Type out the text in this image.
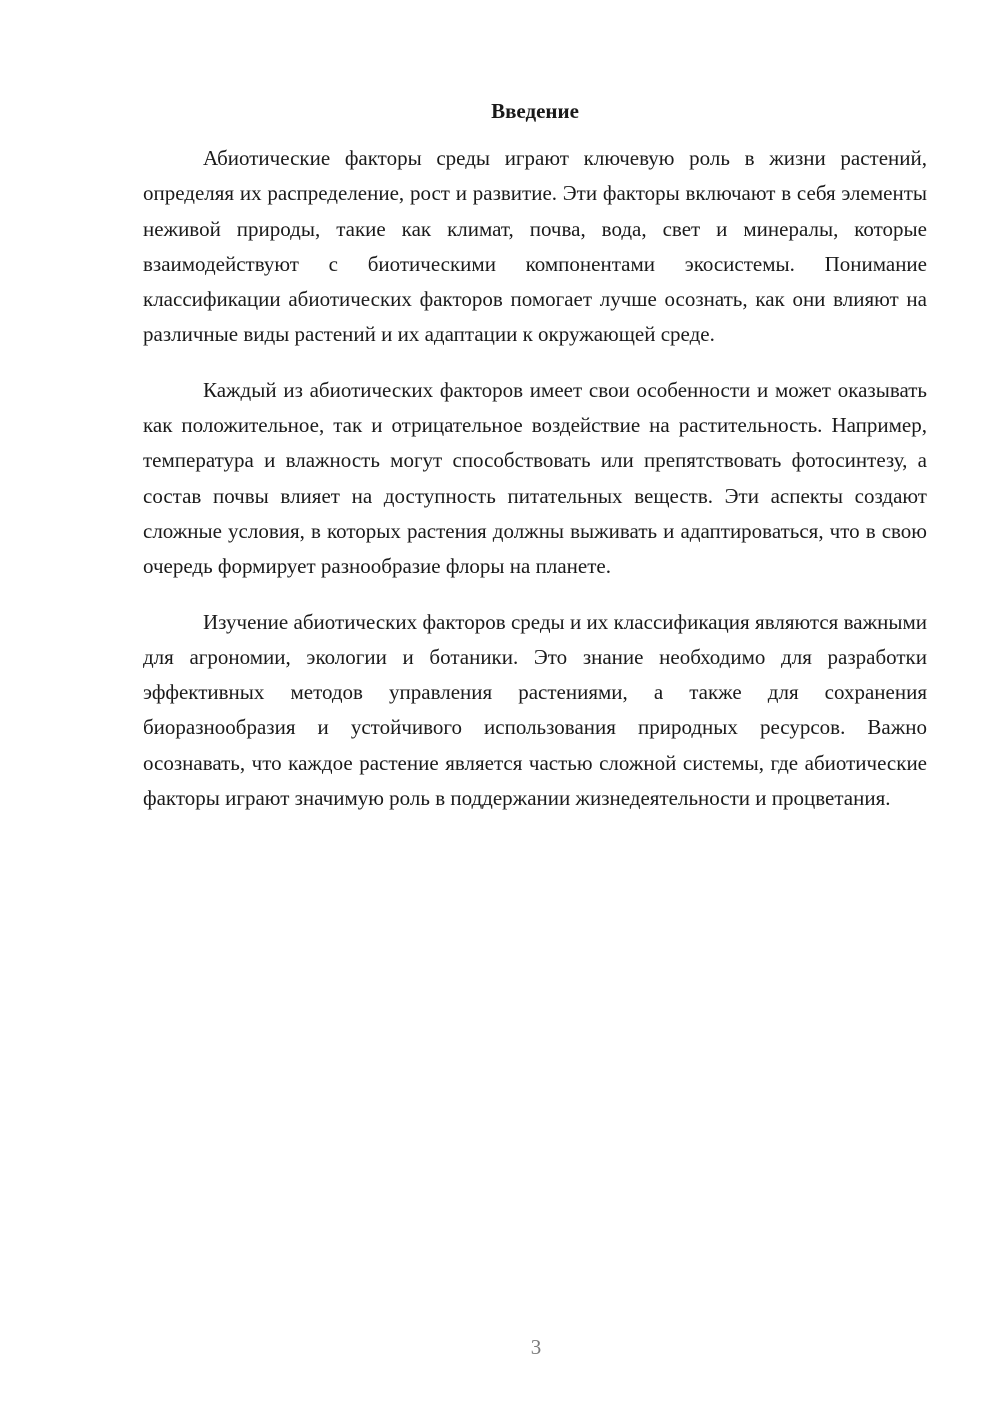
Введение

Абиотические факторы среды играют ключевую роль в жизни растений, определяя их распределение, рост и развитие. Эти факторы включают в себя элементы неживой природы, такие как климат, почва, вода, свет и минералы, которые взаимодействуют с биотическими компонентами экосистемы. Понимание классификации абиотических факторов помогает лучше осознать, как они влияют на различные виды растений и их адаптации к окружающей среде.

Каждый из абиотических факторов имеет свои особенности и может оказывать как положительное, так и отрицательное воздействие на растительность. Например, температура и влажность могут способствовать или препятствовать фотосинтезу, а состав почвы влияет на доступность питательных веществ. Эти аспекты создают сложные условия, в которых растения должны выживать и адаптироваться, что в свою очередь формирует разнообразие флоры на планете.

Изучение абиотических факторов среды и их классификация являются важными для агрономии, экологии и ботаники. Это знание необходимо для разработки эффективных методов управления растениями, а также для сохранения биоразнообразия и устойчивого использования природных ресурсов. Важно осознавать, что каждое растение является частью сложной системы, где абиотические факторы играют значимую роль в поддержании жизнедеятельности и процветания.

3
